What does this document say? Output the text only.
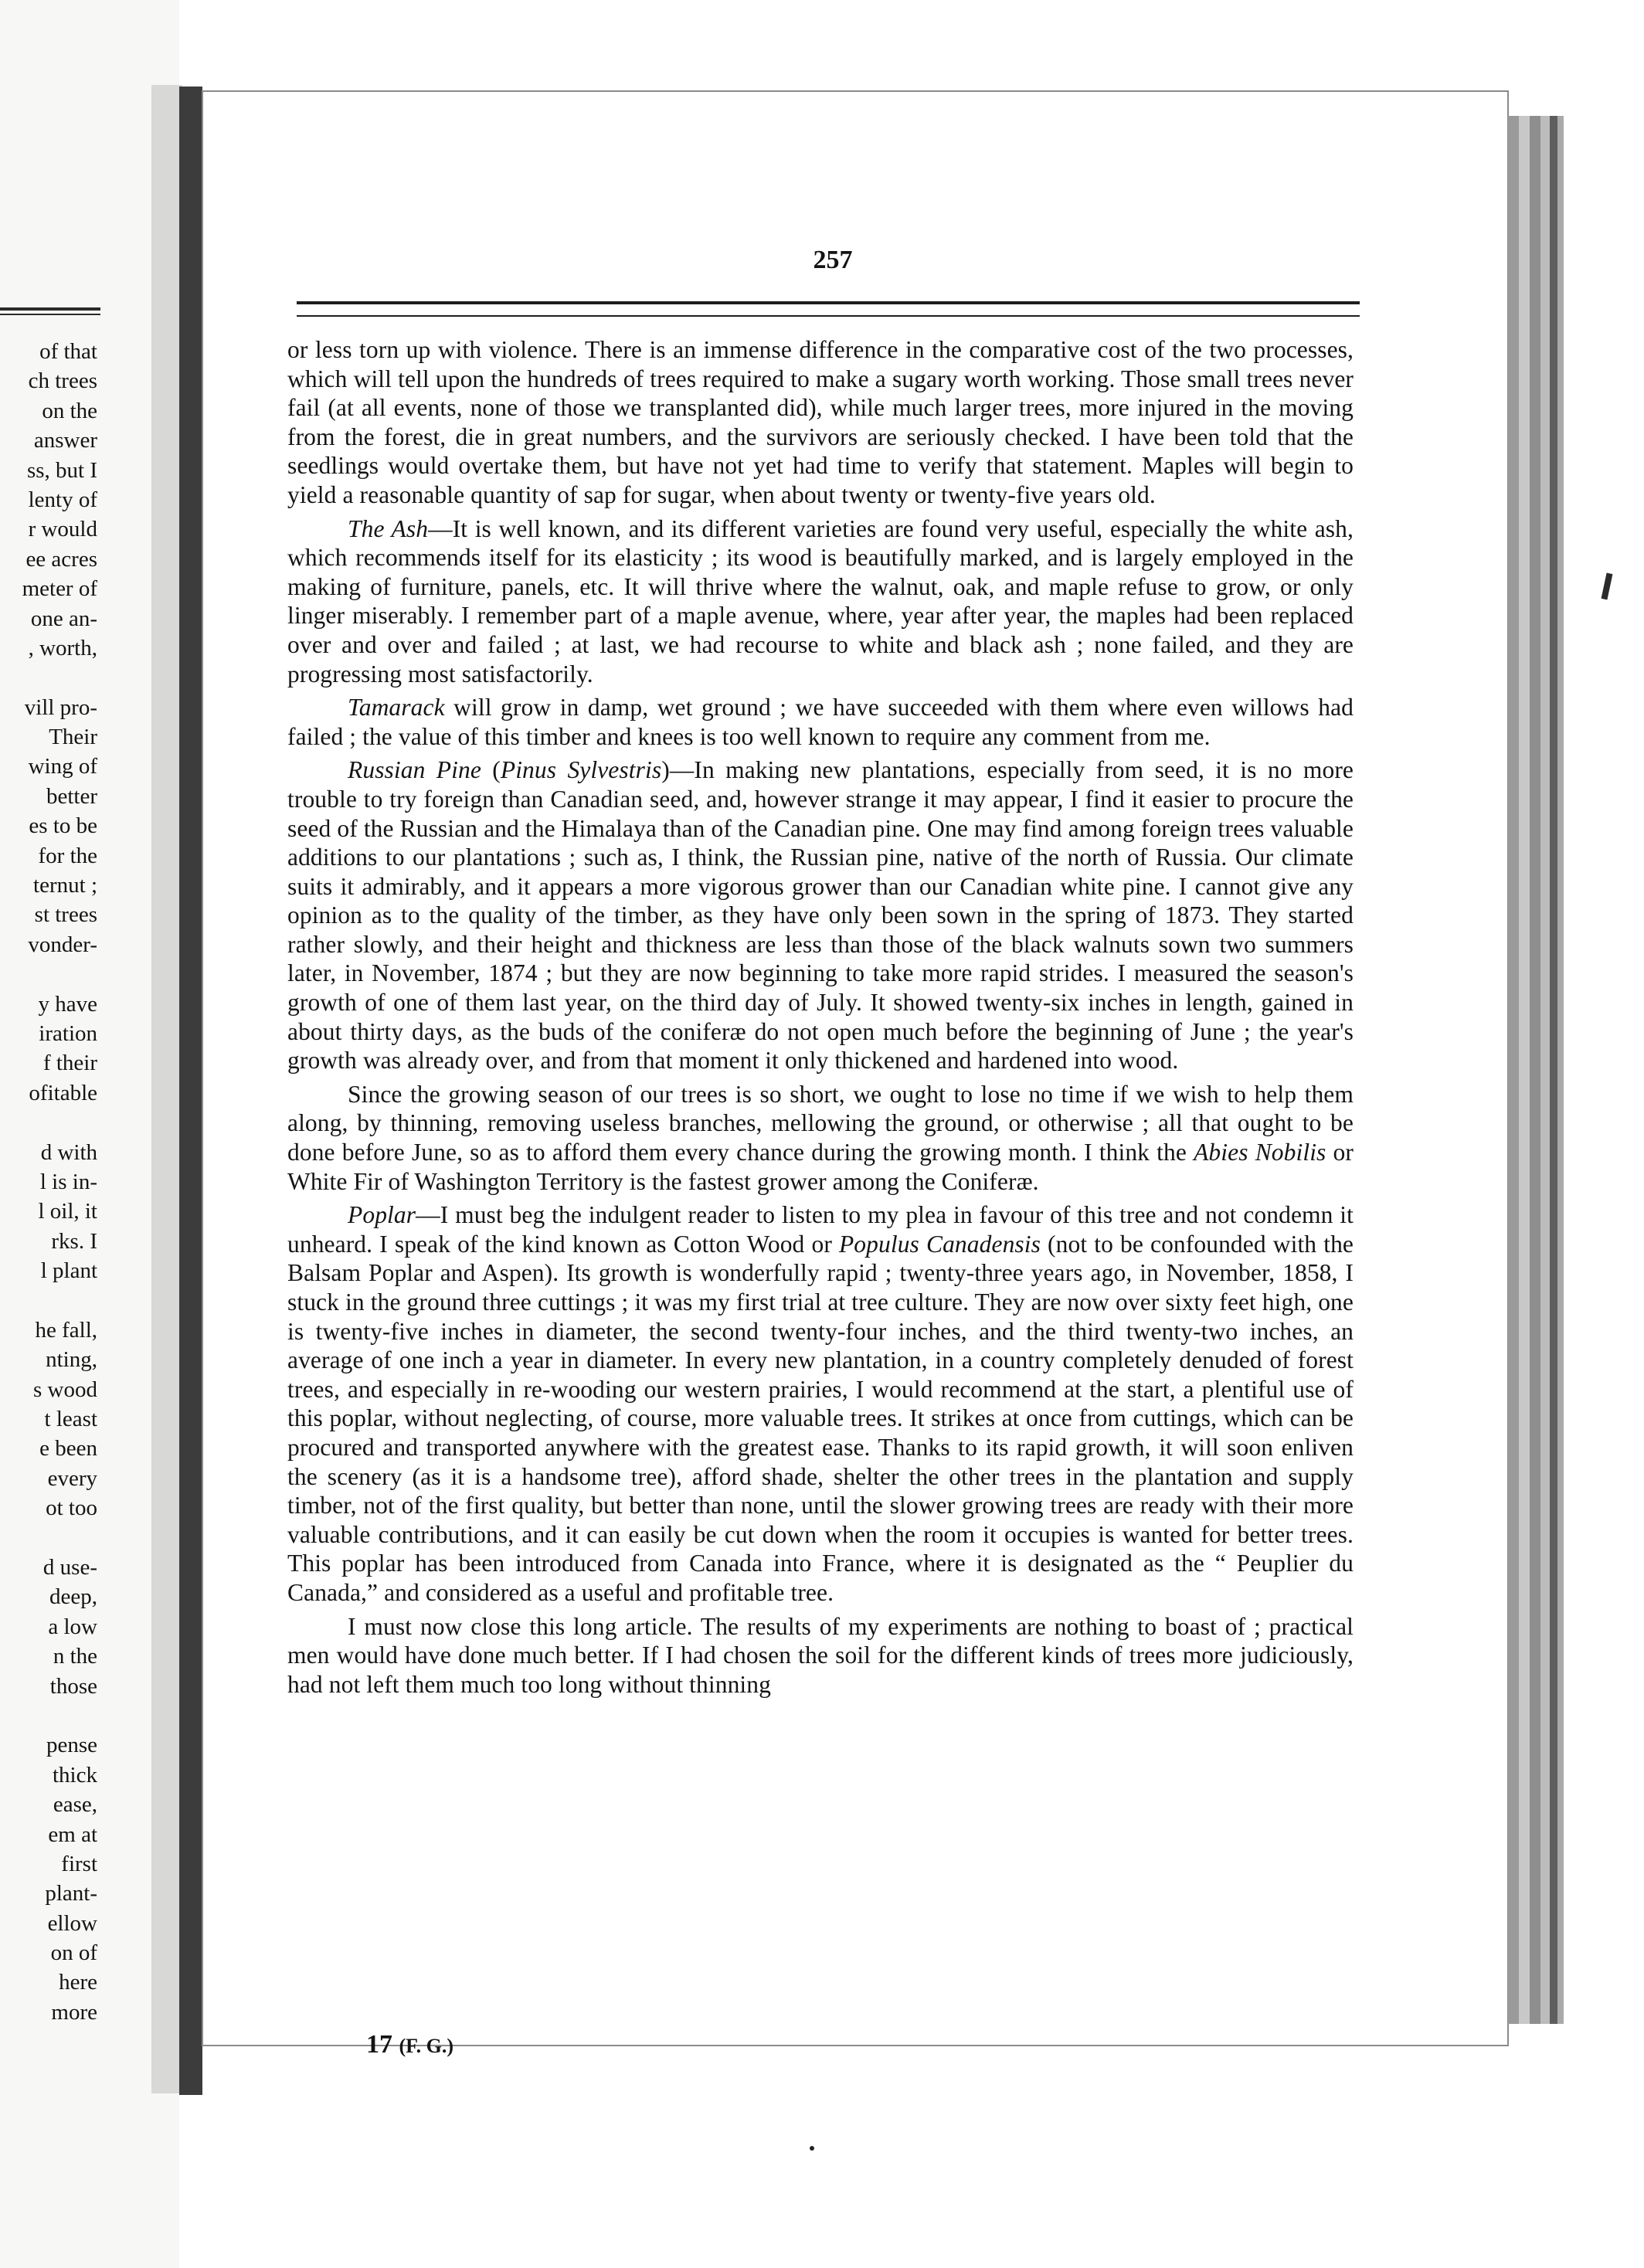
of that
ch trees
on the
answer
ss, but I
lenty of
r would
ee acres
meter of
one an-
, worth,
vill pro-
Their
wing of
better
es to be
for the
ternut ;
st trees
vonder-
y have
iration
f their
ofitable
d with
l is in-
l oil, it
rks. I
l plant
he fall,
nting,
s wood
t least
e been
every
ot too
d use-
deep,
a low
n the
those
pense
thick
ease,
em at
first
plant-
ellow
on of
here
more
257

or less torn up with violence. There is an immense difference in the comparative cost of the two processes, which will tell upon the hundreds of trees required to make a sugary worth working. Those small trees never fail (at all events, none of those we transplanted did), while much larger trees, more injured in the moving from the forest, die in great numbers, and the survivors are seriously checked. I have been told that the seedlings would overtake them, but have not yet had time to verify that statement. Maples will begin to yield a reasonable quantity of sap for sugar, when about twenty or twenty-five years old.

The Ash—It is well known, and its different varieties are found very useful, especially the white ash, which recommends itself for its elasticity ; its wood is beautifully marked, and is largely employed in the making of furniture, panels, etc. It will thrive where the walnut, oak, and maple refuse to grow, or only linger miserably. I remember part of a maple avenue, where, year after year, the maples had been replaced over and over and failed ; at last, we had recourse to white and black ash ; none failed, and they are progressing most satisfactorily.

Tamarack will grow in damp, wet ground ; we have succeeded with them where even willows had failed ; the value of this timber and knees is too well known to require any comment from me.

Russian Pine (Pinus Sylvestris)—In making new plantations, especially from seed, it is no more trouble to try foreign than Canadian seed, and, however strange it may appear, I find it easier to procure the seed of the Russian and the Himalaya than of the Canadian pine. One may find among foreign trees valuable additions to our plantations ; such as, I think, the Russian pine, native of the north of Russia. Our climate suits it admirably, and it appears a more vigorous grower than our Canadian white pine. I cannot give any opinion as to the quality of the timber, as they have only been sown in the spring of 1873. They started rather slowly, and their height and thickness are less than those of the black walnuts sown two summers later, in November, 1874 ; but they are now beginning to take more rapid strides. I measured the season's growth of one of them last year, on the third day of July. It showed twenty-six inches in length, gained in about thirty days, as the buds of the coniferæ do not open much before the beginning of June ; the year's growth was already over, and from that moment it only thickened and hardened into wood.

Since the growing season of our trees is so short, we ought to lose no time if we wish to help them along, by thinning, removing useless branches, mellowing the ground, or otherwise ; all that ought to be done before June, so as to afford them every chance during the growing month. I think the Abies Nobilis or White Fir of Washington Territory is the fastest grower among the Coniferæ.

Poplar—I must beg the indulgent reader to listen to my plea in favour of this tree and not condemn it unheard. I speak of the kind known as Cotton Wood or Populus Canadensis (not to be confounded with the Balsam Poplar and Aspen). Its growth is wonderfully rapid ; twenty-three years ago, in November, 1858, I stuck in the ground three cuttings ; it was my first trial at tree culture. They are now over sixty feet high, one is twenty-five inches in diameter, the second twenty-four inches, and the third twenty-two inches, an average of one inch a year in diameter. In every new plantation, in a country completely denuded of forest trees, and especially in re-wooding our western prairies, I would recommend at the start, a plentiful use of this poplar, without neglecting, of course, more valuable trees. It strikes at once from cuttings, which can be procured and transported anywhere with the greatest ease. Thanks to its rapid growth, it will soon enliven the scenery (as it is a handsome tree), afford shade, shelter the other trees in the plantation and supply timber, not of the first quality, but better than none, until the slower growing trees are ready with their more valuable contributions, and it can easily be cut down when the room it occupies is wanted for better trees. This poplar has been introduced from Canada into France, where it is designated as the “ Peuplier du Canada,” and considered as a useful and profitable tree.

I must now close this long article. The results of my experiments are nothing to boast of ; practical men would have done much better. If I had chosen the soil for the different kinds of trees more judiciously, had not left them much too long without thinning

17 (F. G.)
